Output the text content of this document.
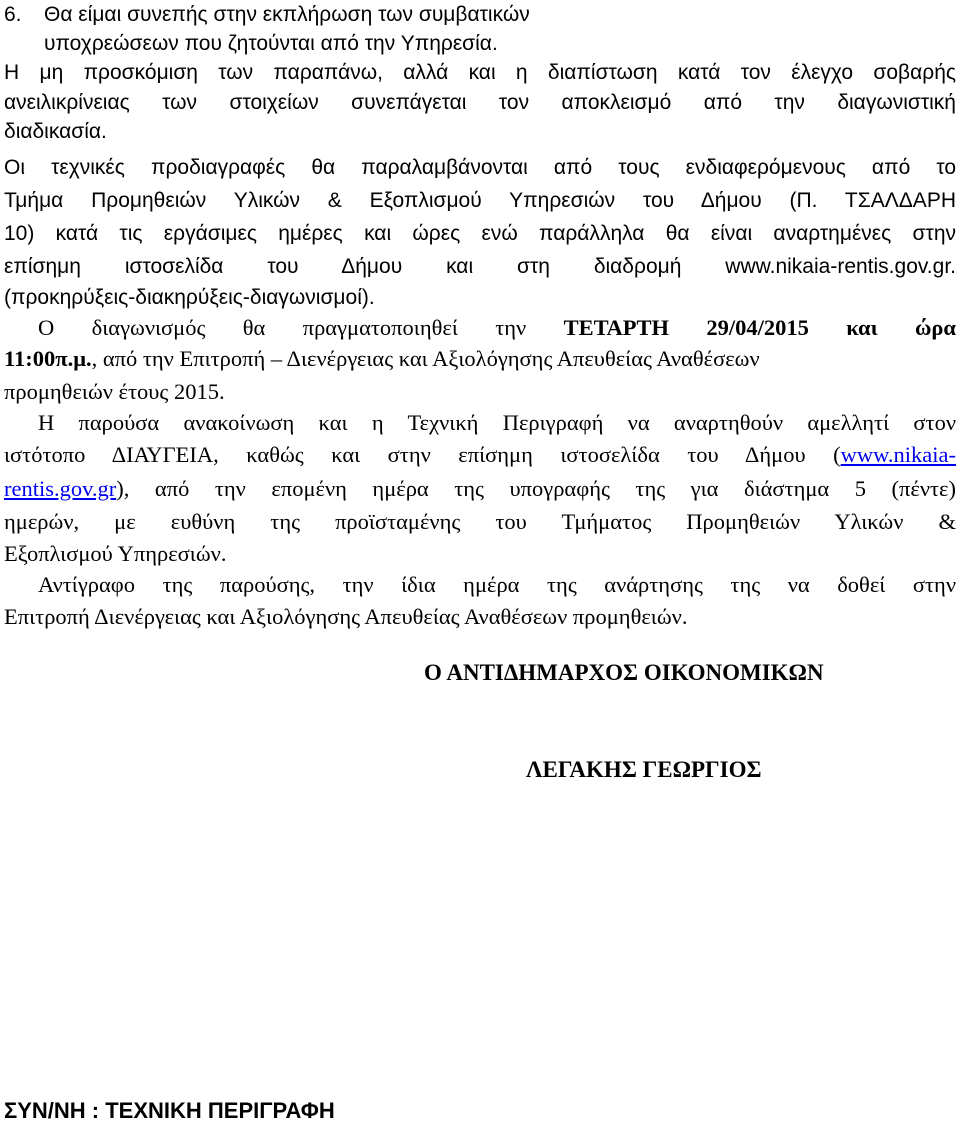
6. Θα είμαι συνεπής στην εκπλήρωση των συμβατικών
υποχρεώσεων που ζητούνται από την Υπηρεσία.
Η μη προσκόμιση των παραπάνω, αλλά και η διαπίστωση κατά τον έλεγχο σοβαρής
ανειλικρίνειας των στοιχείων συνεπάγεται τον αποκλεισμό από την διαγωνιστική
διαδικασία.
Οι τεχνικές προδιαγραφές θα παραλαμβάνονται από τους ενδιαφερόμενους από το
Τμήμα Προμηθειών Υλικών & Εξοπλισμού Υπηρεσιών του Δήμου (Π. ΤΣΑΛΔΑΡΗ
10) κατά τις εργάσιμες ημέρες και ώρες ενώ παράλληλα θα είναι αναρτημένες στην
επίσημη ιστοσελίδα του Δήμου και στη διαδρομή www.nikaia-rentis.gov.gr.
(προκηρύξεις-διακηρύξεις-διαγωνισμοί).
Ο διαγωνισμός θα πραγματοποιηθεί την ΤΕΤΑΡΤΗ 29/04/2015 και ώρα
11:00π.μ., από την Επιτροπή – Διενέργειας και Αξιολόγησης Απευθείας Αναθέσεων
προμηθειών έτους 2015.
Η παρούσα ανακοίνωση και η Τεχνική Περιγραφή να αναρτηθούν αμελλητί στον
ιστότοπο ΔΙΑΥΓΕΙΑ, καθώς και στην επίσημη ιστοσελίδα του Δήμου (www.nikaia-
rentis.gov.gr), από την επομένη ημέρα της υπογραφής της για διάστημα 5 (πέντε)
ημερών, με ευθύνη της προϊσταμένης του Τμήματος Προμηθειών Υλικών &
Εξοπλισμού Υπηρεσιών.
Αντίγραφο της παρούσης, την ίδια ημέρα της ανάρτησης της να δοθεί στην
Επιτροπή Διενέργειας και Αξιολόγησης Απευθείας Αναθέσεων προμηθειών.
Ο ΑΝΤΙΔΗΜΑΡΧΟΣ ΟΙΚΟΝΟΜΙΚΩΝ
ΛΕΓΑΚΗΣ ΓΕΩΡΓΙΟΣ
ΣΥΝ/ΝΗ : ΤΕΧΝΙΚΗ ΠΕΡΙΓΡΑΦΗ
